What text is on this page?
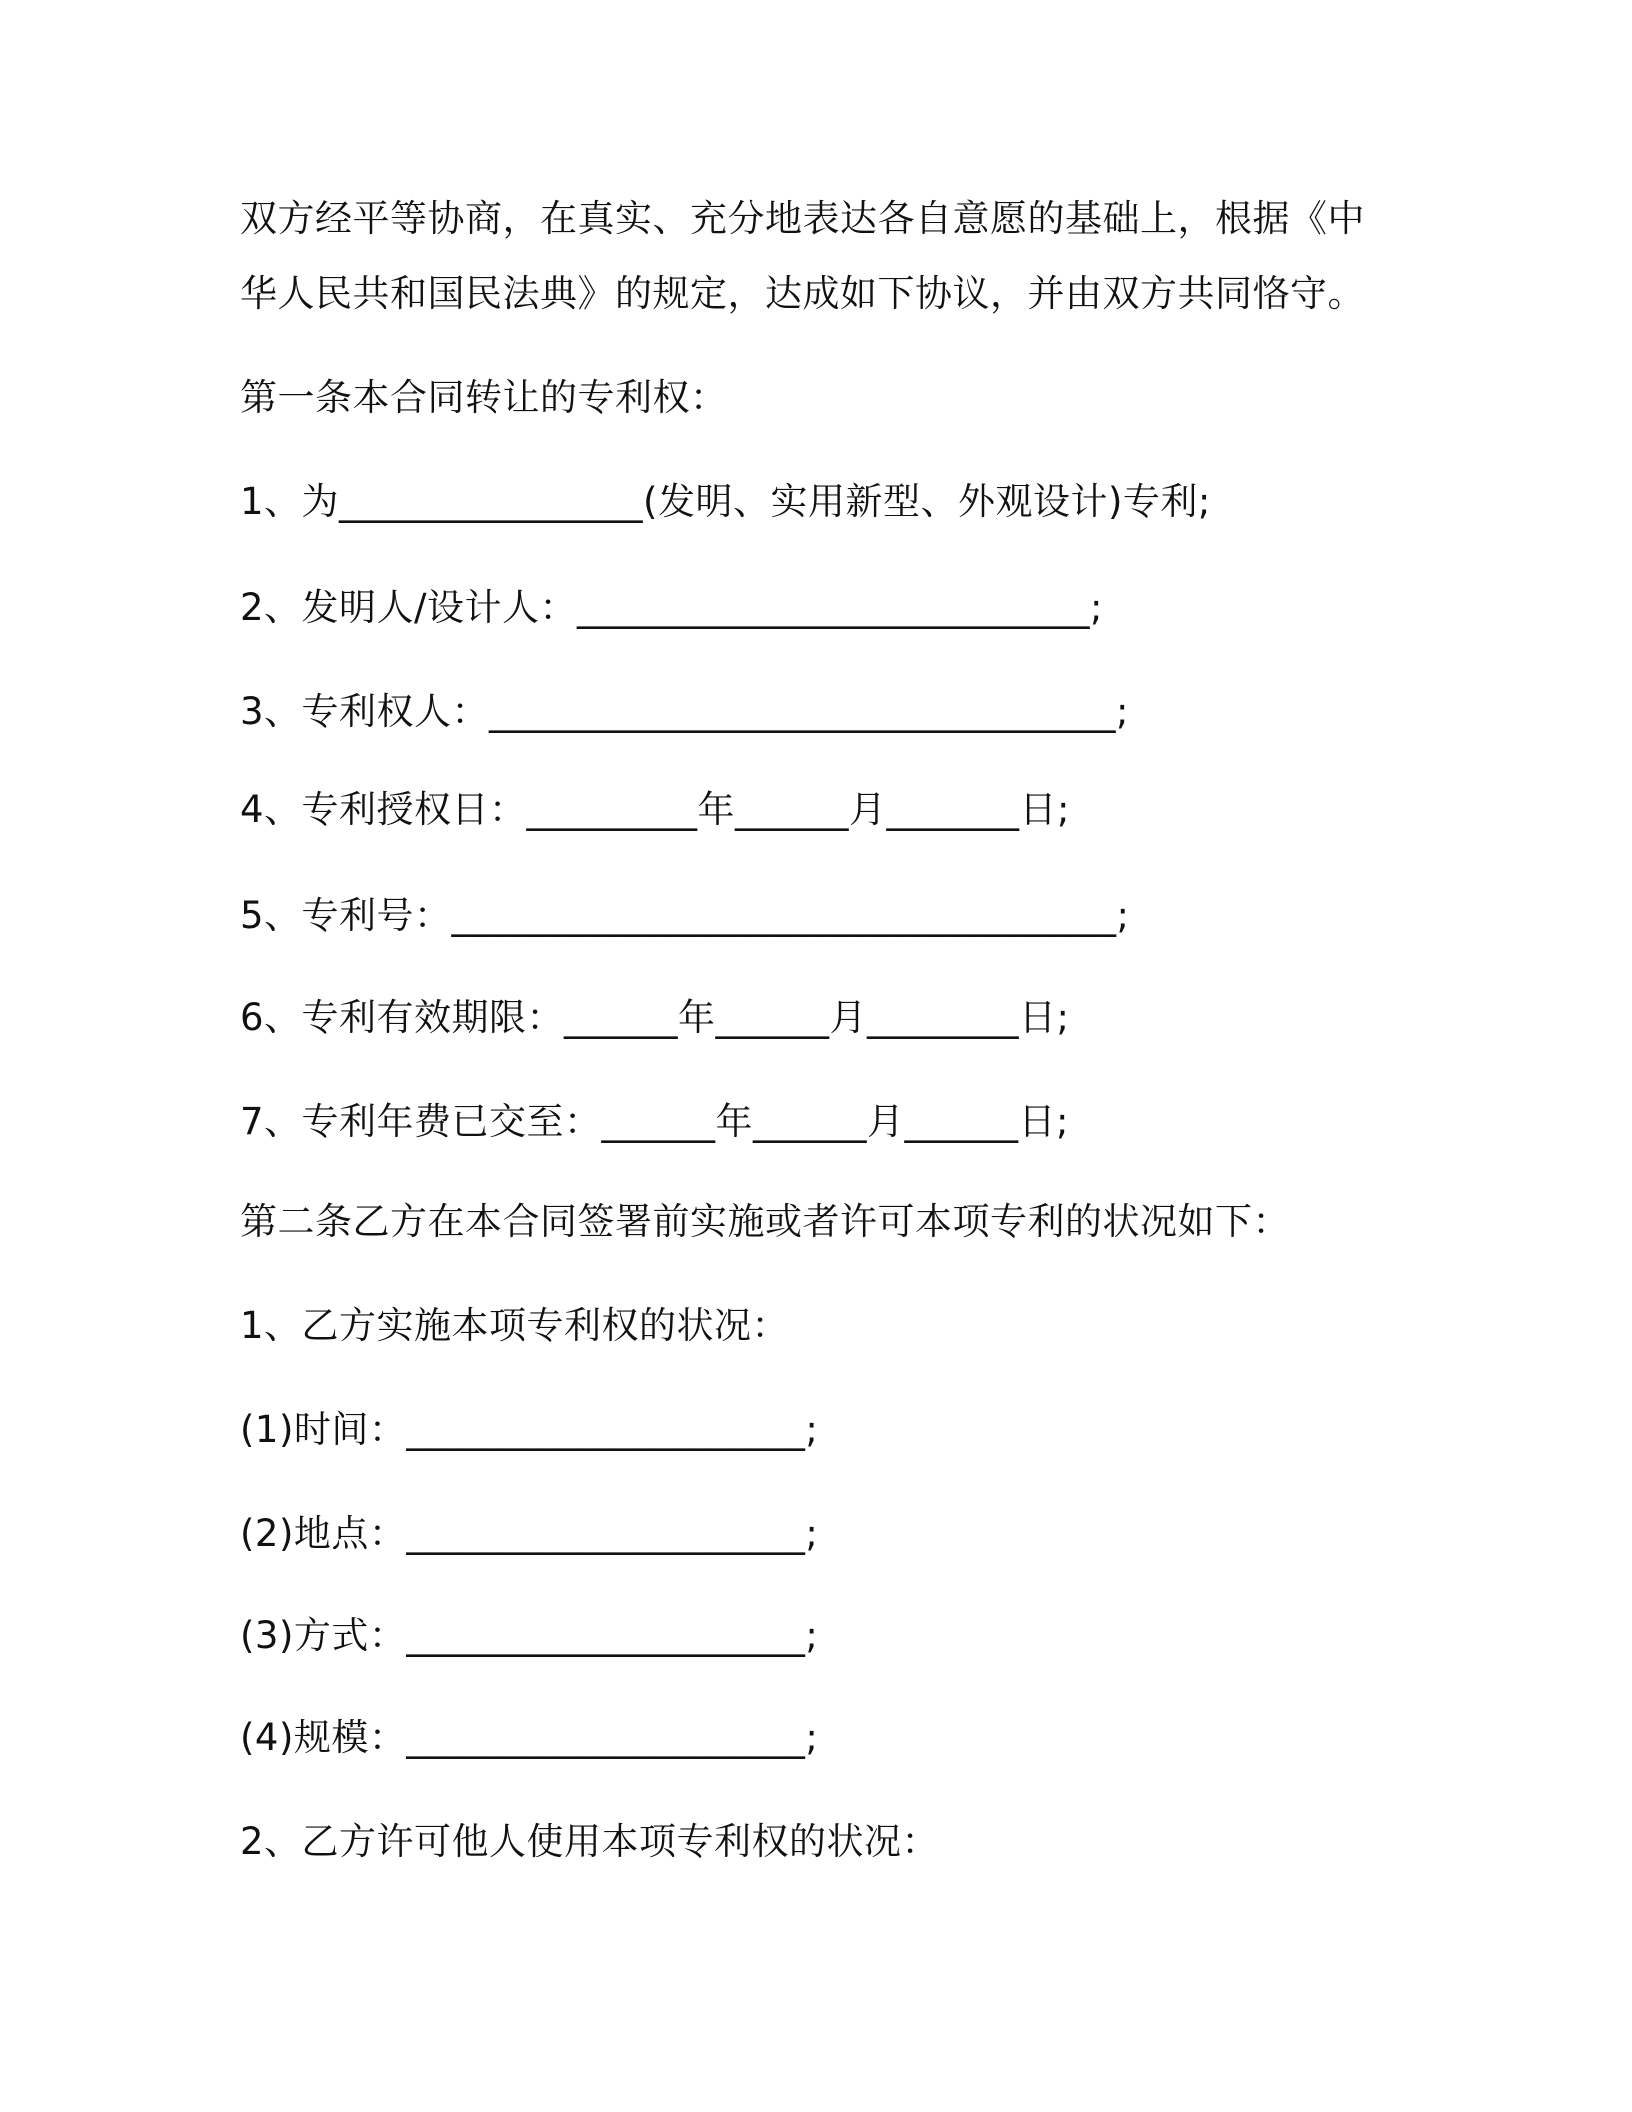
双方经平等协商，在真实、充分地表达各自意愿的基础上，根据《中
华人民共和国民法典》的规定，达成如下协议，并由双方共同恪守。
第一条本合同转让的专利权：
1、为________________(发明、实用新型、外观设计)专利;
2、发明人/设计人：___________________________;
3、专利权人：_________________________________;
4、专利授权日：_________年______月_______日;
5、专利号：___________________________________;
6、专利有效期限：______年______月________日;
7、专利年费已交至：______年______月______日;
第二条乙方在本合同签署前实施或者许可本项专利的状况如下：
1、乙方实施本项专利权的状况：
(1)时间：_____________________;
(2)地点：_____________________;
(3)方式：_____________________;
(4)规模：_____________________;
2、乙方许可他人使用本项专利权的状况：
